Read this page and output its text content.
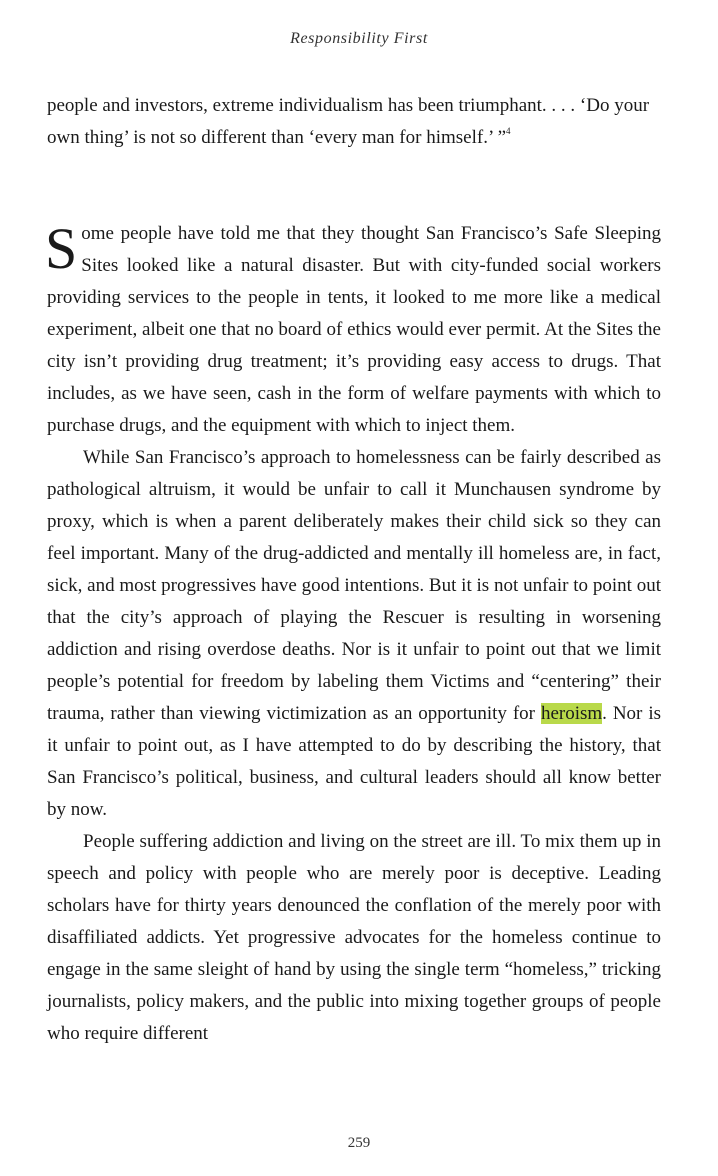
Responsibility First
people and investors, extreme individualism has been triumphant. . . . ‘Do your own thing’ is not so different than ‘every man for himself.’ ”$^4$

Some people have told me that they thought San Francisco’s Safe Sleeping Sites looked like a natural disaster. But with city-funded social workers providing services to the people in tents, it looked to me more like a medical experiment, albeit one that no board of ethics would ever permit. At the Sites the city isn’t providing drug treatment; it’s providing easy access to drugs. That includes, as we have seen, cash in the form of welfare payments with which to purchase drugs, and the equipment with which to inject them.

While San Francisco’s approach to homelessness can be fairly described as pathological altruism, it would be unfair to call it Munchausen syndrome by proxy, which is when a parent deliberately makes their child sick so they can feel important. Many of the drug-addicted and mentally ill homeless are, in fact, sick, and most progressives have good intentions. But it is not unfair to point out that the city’s approach of playing the Rescuer is resulting in worsening addiction and rising overdose deaths. Nor is it unfair to point out that we limit people’s potential for freedom by labeling them Victims and “centering” their trauma, rather than viewing victimization as an opportunity for heroism. Nor is it unfair to point out, as I have attempted to do by describing the history, that San Francisco’s political, business, and cultural leaders should all know better by now.

People suffering addiction and living on the street are ill. To mix them up in speech and policy with people who are merely poor is deceptive. Leading scholars have for thirty years denounced the conflation of the merely poor with disaffiliated addicts. Yet progressive advocates for the homeless continue to engage in the same sleight of hand by using the single term “homeless,” tricking journalists, policy makers, and the public into mixing together groups of people who require different

259
